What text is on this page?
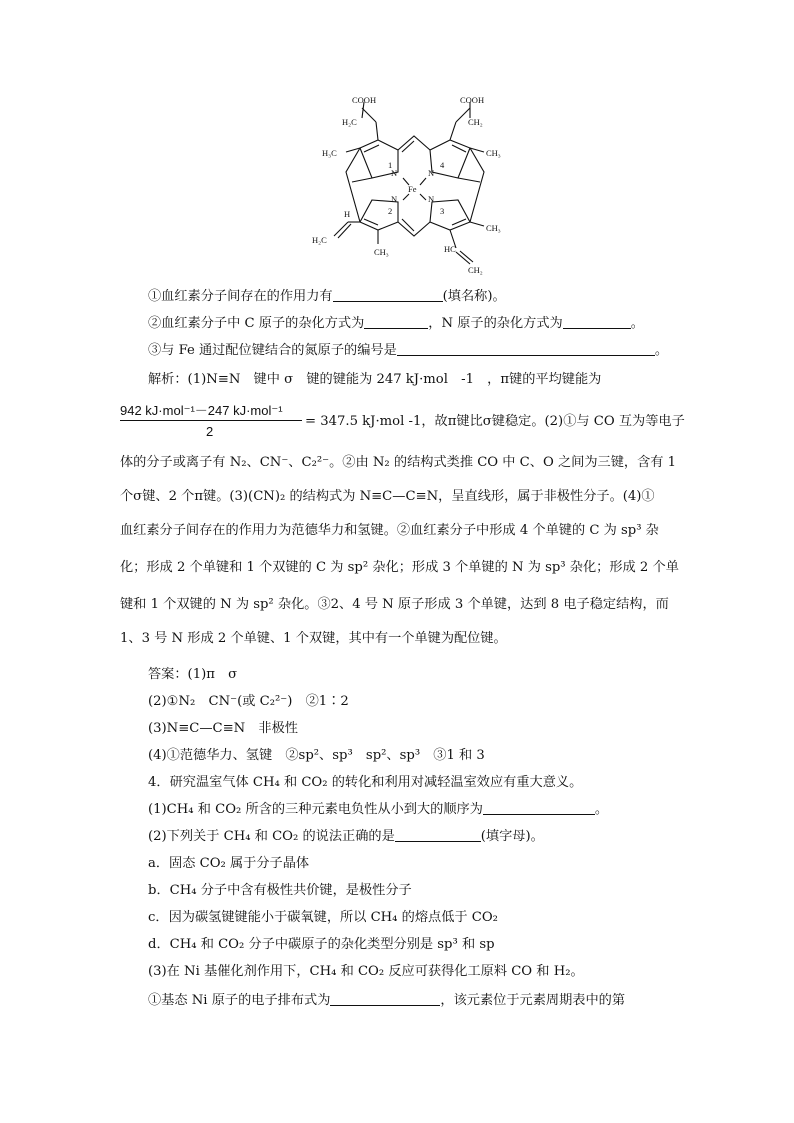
COOH	COOH
H₂C	CH₂
H₃C	CH₃
N	N
Fe
N	N
1	4
2	3
H
H₂C
CH₃
CH₃
HC
CH₂
①血红素分子间存在的作用力有	(填名称)。
②血红素分子中 C 原子的杂化方式为	，N 原子的杂化方式为	。
③与 Fe 通过配位键结合的氮原子的编号是	。
解析：(1)N≡N　键中 σ　键的键能为 247 kJ·mol　-1　，π键的平均键能为
942 kJ·mol⁻¹－247 kJ·mol⁻¹
2
= 347.5 kJ·mol -1，故π键比σ键稳定。(2)①与 CO 互为等电子
体的分子或离子有 N₂、CN⁻、C₂²⁻。②由 N₂ 的结构式类推 CO 中 C、O 之间为三键，含有 1
个σ键、2 个π键。(3)(CN)₂ 的结构式为 N≡C—C≡N，呈直线形，属于非极性分子。(4)①
血红素分子间存在的作用力为范德华力和氢键。②血红素分子中形成 4 个单键的 C 为 sp³ 杂
化；形成 2 个单键和 1 个双键的 C 为 sp² 杂化；形成 3 个单键的 N 为 sp³ 杂化；形成 2 个单
键和 1 个双键的 N 为 sp² 杂化。③2、4 号 N 原子形成 3 个单键，达到 8 电子稳定结构，而
1、3 号 N 形成 2 个单键、1 个双键，其中有一个单键为配位键。
答案：(1)π　σ
(2)①N₂　CN⁻(或 C₂²⁻)　②1∶2
(3)N≡C—C≡N　非极性
(4)①范德华力、氢键　②sp²、sp³　sp²、sp³　③1 和 3
4．研究温室气体 CH₄ 和 CO₂ 的转化和利用对减轻温室效应有重大意义。
(1)CH₄ 和 CO₂ 所含的三种元素电负性从小到大的顺序为	。
(2)下列关于 CH₄ 和 CO₂ 的说法正确的是	(填字母)。
a．固态 CO₂ 属于分子晶体
b．CH₄ 分子中含有极性共价键，是极性分子
c．因为碳氢键键能小于碳氧键，所以 CH₄ 的熔点低于 CO₂
d．CH₄ 和 CO₂ 分子中碳原子的杂化类型分别是 sp³ 和 sp
(3)在 Ni 基催化剂作用下，CH₄ 和 CO₂ 反应可获得化工原料 CO 和 H₂。
①基态 Ni 原子的电子排布式为	，该元素位于元素周期表中的第
